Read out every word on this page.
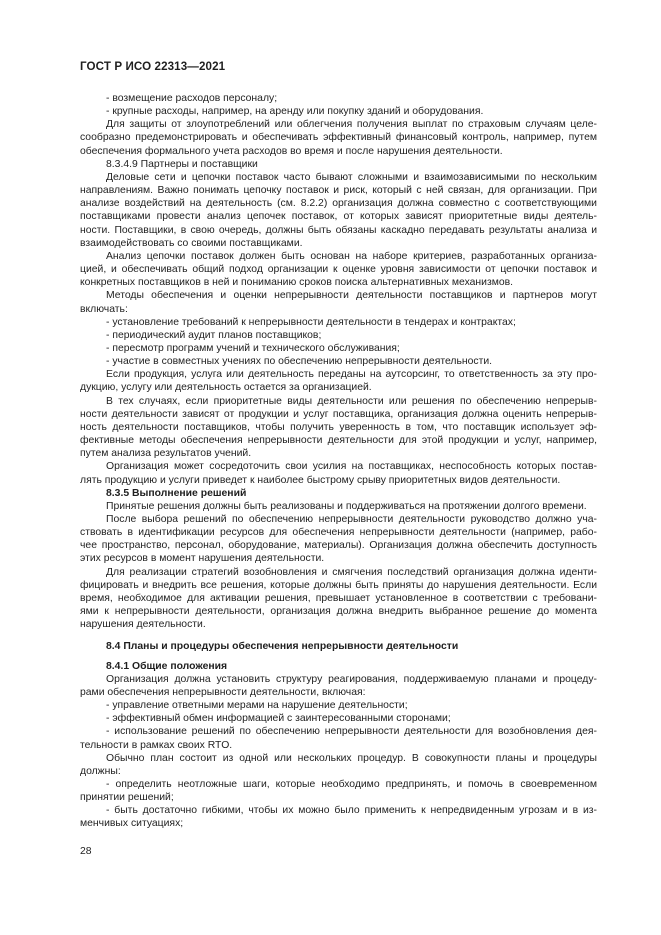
ГОСТ Р ИСО 22313—2021

- возмещение расходов персоналу;

- крупные расходы, например, на аренду или покупку зданий и оборудования.

Для защиты от злоупотреблений или облегчения получения выплат по страховым случаям целе-

сообразно предемонстрировать и обеспечивать эффективный финансовый контроль, например, путем

обеспечения формального учета расходов во время и после нарушения деятельности.

8.3.4.9 Партнеры и поставщики

Деловые сети и цепочки поставок часто бывают сложными и взаимозависимыми по нескольким

направлениям. Важно понимать цепочку поставок и риск, который с ней связан, для организации. При

анализе воздействий на деятельность (см. 8.2.2) организация должна совместно с соответствующими

поставщиками провести анализ цепочек поставок, от которых зависят приоритетные виды деятель-

ности. Поставщики, в свою очередь, должны быть обязаны каскадно передавать результаты анализа и

взаимодействовать со своими поставщиками.

Анализ цепочки поставок должен быть основан на наборе критериев, разработанных организа-

цией, и обеспечивать общий подход организации к оценке уровня зависимости от цепочки поставок и

конкретных поставщиков в ней и пониманию сроков поиска альтернативных механизмов.

Методы обеспечения и оценки непрерывности деятельности поставщиков и партнеров могут

включать:

- установление требований к непрерывности деятельности в тендерах и контрактах;

- периодический аудит планов поставщиков;

- пересмотр программ учений и технического обслуживания;

- участие в совместных учениях по обеспечению непрерывности деятельности.

Если продукция, услуга или деятельность переданы на аутсорсинг, то ответственность за эту про-

дукцию, услугу или деятельность остается за организацией.

В тех случаях, если приоритетные виды деятельности или решения по обеспечению непрерыв-

ности деятельности зависят от продукции и услуг поставщика, организация должна оценить непрерыв-

ность деятельности поставщиков, чтобы получить уверенность в том, что поставщик использует эф-

фективные методы обеспечения непрерывности деятельности для этой продукции и услуг, например,

путем анализа результатов учений.

Организация может сосредоточить свои усилия на поставщиках, неспособность которых постав-

лять продукцию и услуги приведет к наиболее быстрому срыву приоритетных видов деятельности.

8.3.5 Выполнение решений

Принятые решения должны быть реализованы и поддерживаться на протяжении долгого времени.

После выбора решений по обеспечению непрерывности деятельности руководство должно уча-

ствовать в идентификации ресурсов для обеспечения непрерывности деятельности (например, рабо-

чее пространство, персонал, оборудование, материалы). Организация должна обеспечить доступность

этих ресурсов в момент нарушения деятельности.

Для реализации стратегий возобновления и смягчения последствий организация должна иденти-

фицировать и внедрить все решения, которые должны быть приняты до нарушения деятельности. Если

время, необходимое для активации решения, превышает установленное в соответствии с требовани-

ями к непрерывности деятельности, организация должна внедрить выбранное решение до момента

нарушения деятельности.

8.4 Планы и процедуры обеспечения непрерывности деятельности

8.4.1 Общие положения

Организация должна установить структуру реагирования, поддерживаемую планами и процеду-

рами обеспечения непрерывности деятельности, включая:

- управление ответными мерами на нарушение деятельности;

- эффективный обмен информацией с заинтересованными сторонами;

- использование решений по обеспечению непрерывности деятельности для возобновления дея-

тельности в рамках своих RTO.

Обычно план состоит из одной или нескольких процедур. В совокупности планы и процедуры

должны:

- определить неотложные шаги, которые необходимо предпринять, и помочь в своевременном

принятии решений;

- быть достаточно гибкими, чтобы их можно было применить к непредвиденным угрозам и в из-

менчивых ситуациях;

28
